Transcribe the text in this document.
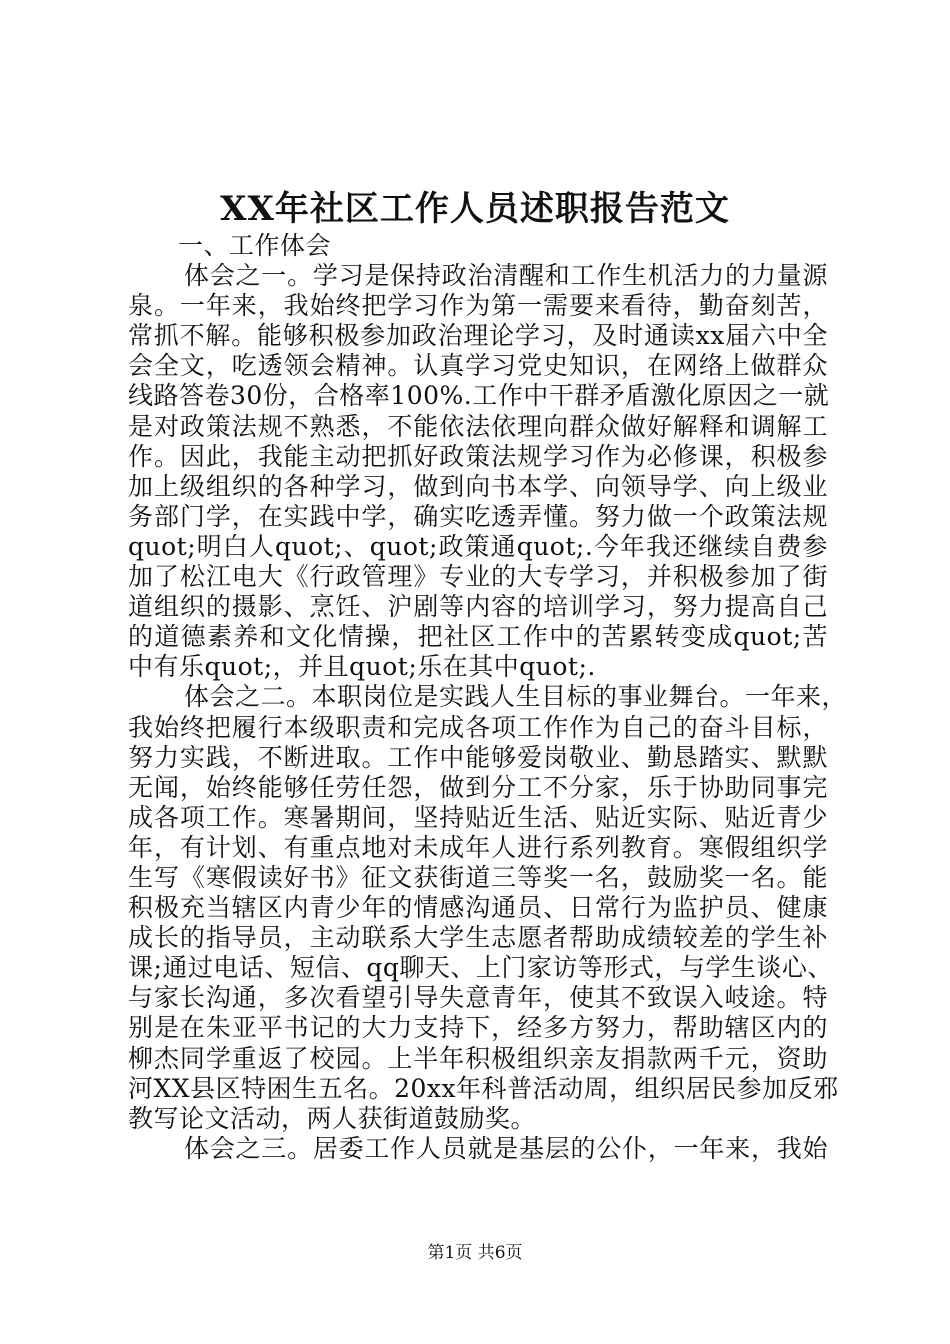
XX年社区工作人员述职报告范文
一、工作体会
体会之一。学习是保持政治清醒和工作生机活力的力量源
泉。一年来，我始终把学习作为第一需要来看待，勤奋刻苦，
常抓不解。能够积极参加政治理论学习，及时通读xx届六中全
会全文，吃透领会精神。认真学习党史知识，在网络上做群众
线路答卷30份，合格率100%.工作中干群矛盾激化原因之一就
是对政策法规不熟悉，不能依法依理向群众做好解释和调解工
作。因此，我能主动把抓好政策法规学习作为必修课，积极参
加上级组织的各种学习，做到向书本学、向领导学、向上级业
务部门学，在实践中学，确实吃透弄懂。努力做一个政策法规
quot;明白人quot;、quot;政策通quot;.今年我还继续自费参
加了松江电大《行政管理》专业的大专学习，并积极参加了街
道组织的摄影、烹饪、沪剧等内容的培训学习，努力提高自己
的道德素养和文化情操，把社区工作中的苦累转变成quot;苦
中有乐quot;，并且quot;乐在其中quot;.
体会之二。本职岗位是实践人生目标的事业舞台。一年来，
我始终把履行本级职责和完成各项工作作为自己的奋斗目标，
努力实践，不断进取。工作中能够爱岗敬业、勤恳踏实、默默
无闻，始终能够任劳任怨，做到分工不分家，乐于协助同事完
成各项工作。寒暑期间，坚持贴近生活、贴近实际、贴近青少
年，有计划、有重点地对未成年人进行系列教育。寒假组织学
生写《寒假读好书》征文获街道三等奖一名，鼓励奖一名。能
积极充当辖区内青少年的情感沟通员、日常行为监护员、健康
成长的指导员，主动联系大学生志愿者帮助成绩较差的学生补
课;通过电话、短信、qq聊天、上门家访等形式，与学生谈心、
与家长沟通，多次看望引导失意青年，使其不致误入岐途。特
别是在朱亚平书记的大力支持下，经多方努力，帮助辖区内的
柳杰同学重返了校园。上半年积极组织亲友捐款两千元，资助
河XX县区特困生五名。20xx年科普活动周，组织居民参加反邪
教写论文活动，两人获街道鼓励奖。
体会之三。居委工作人员就是基层的公仆，一年来，我始
第1页 共6页
